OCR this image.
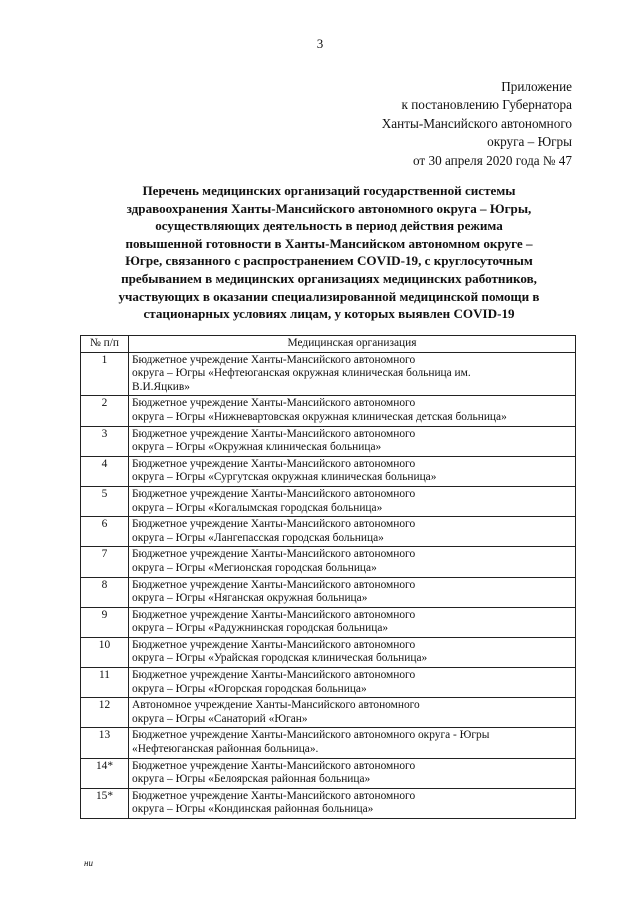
3
Приложение
к постановлению Губернатора
Ханты-Мансийского автономного
округа – Югры
от 30 апреля 2020 года № 47
Перечень медицинских организаций государственной системы
здравоохранения Ханты-Мансийского автономного округа – Югры,
осуществляющих деятельность в период действия режима
повышенной готовности в Ханты-Мансийском автономном округе –
Югре, связанного с распространением COVID-19, с круглосуточным
пребыванием в медицинских организациях медицинских работников,
участвующих в оказании специализированной медицинской помощи в
стационарных условиях лицам, у которых выявлен COVID-19
№ п/п	Медицинская организация
1	Бюджетное учреждение Ханты-Мансийского автономного
округа – Югры «Нефтеюганская окружная клиническая больница им.
В.И.Яцкив»

2	Бюджетное учреждение Ханты-Мансийского автономного
округа – Югры «Нижневартовская окружная клиническая детская больница»

3	Бюджетное учреждение Ханты-Мансийского автономного
округа – Югры «Окружная клиническая больница»

4	Бюджетное учреждение Ханты-Мансийского автономного
округа – Югры «Сургутская окружная клиническая больница»

5	Бюджетное учреждение Ханты-Мансийского автономного
округа – Югры «Когалымская городская больница»

6	Бюджетное учреждение Ханты-Мансийского автономного
округа – Югры «Лангепасская городская больница»

7	Бюджетное учреждение Ханты-Мансийского автономного
округа – Югры «Мегионская городская больница»

8	Бюджетное учреждение Ханты-Мансийского автономного
округа – Югры «Няганская окружная больница»

9	Бюджетное учреждение Ханты-Мансийского автономного
округа – Югры «Радужнинская городская больница»

10	Бюджетное учреждение Ханты-Мансийского автономного
округа – Югры «Урайская городская клиническая больница»

11	Бюджетное учреждение Ханты-Мансийского автономного
округа – Югры «Югорская городская больница»

12	Автономное учреждение Ханты-Мансийского автономного
округа – Югры «Санаторий «Юган»

13	Бюджетное учреждение Ханты-Мансийского автономного округа - Югры
«Нефтеюганская районная больница».

14*	Бюджетное учреждение Ханты-Мансийского автономного
округа – Югры «Белоярская районная больница»

15*	Бюджетное учреждение Ханты-Мансийского автономного
округа – Югры «Кондинская районная больница»
ни
